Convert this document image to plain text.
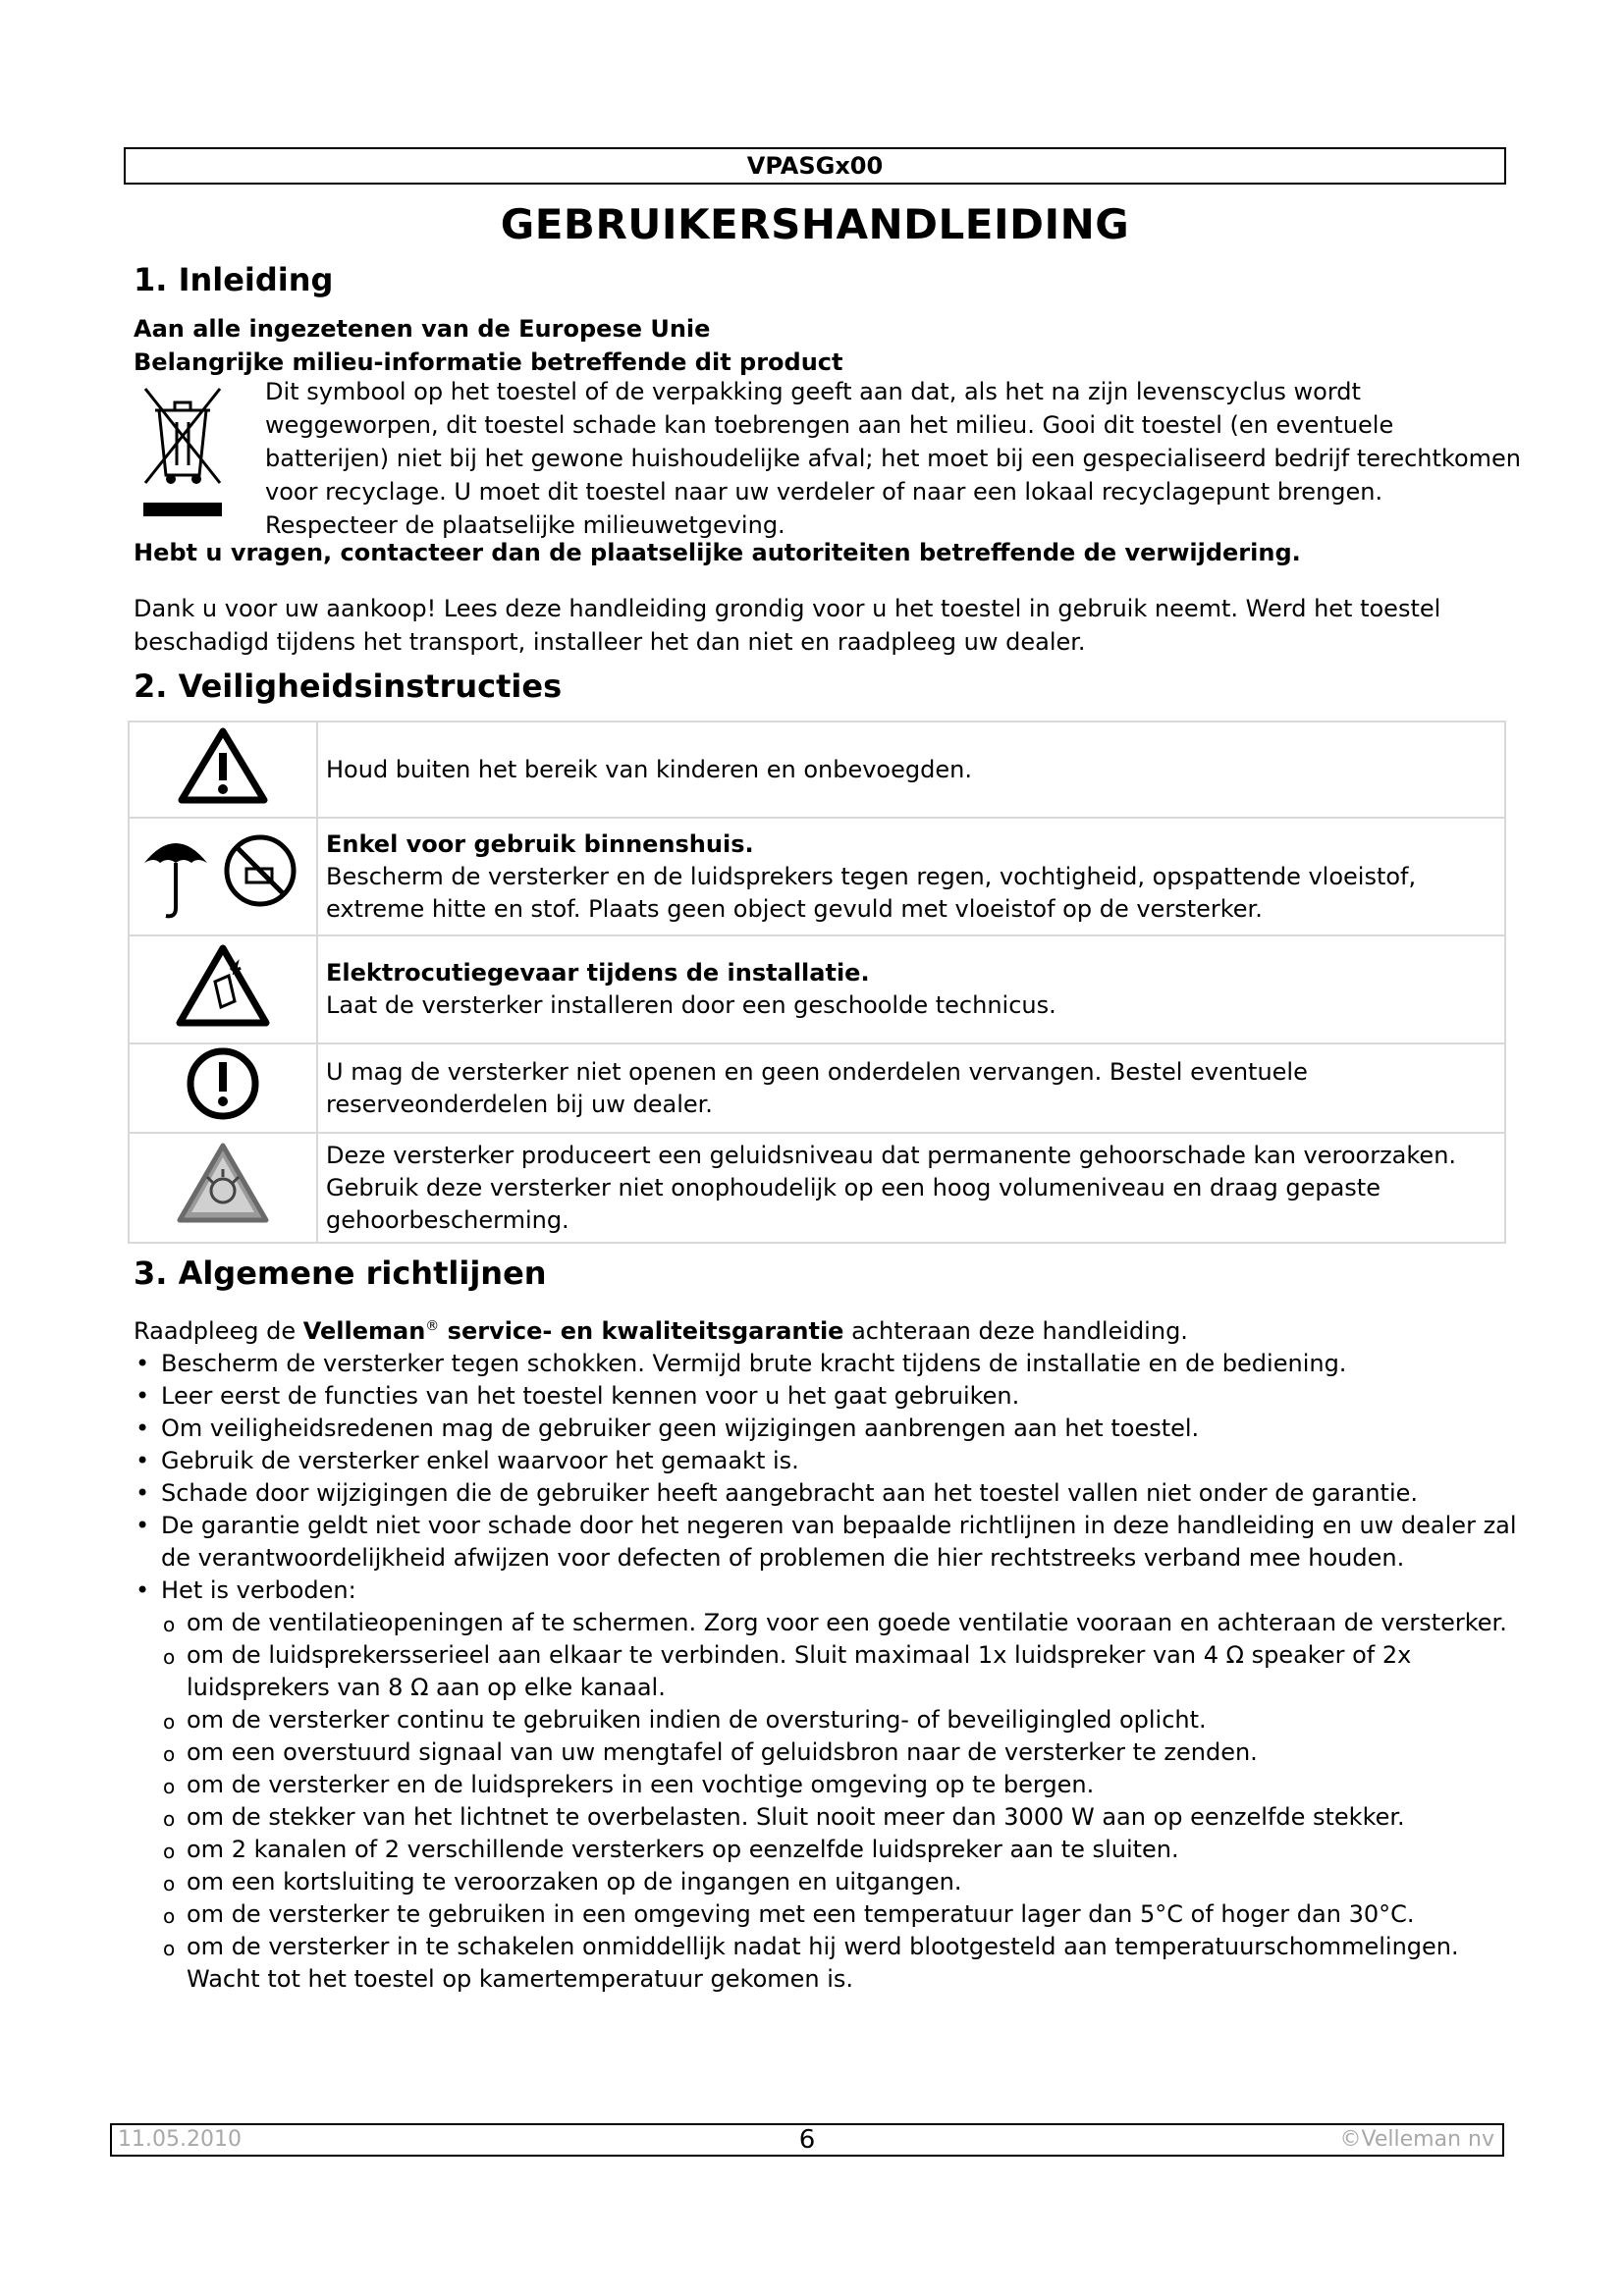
VPASGx00
GEBRUIKERSHANDLEIDING
1. Inleiding
Aan alle ingezetenen van de Europese Unie
Belangrijke milieu-informatie betreffende dit product
Dit symbool op het toestel of de verpakking geeft aan dat, als het na zijn levenscyclus wordt weggeworpen, dit toestel schade kan toebrengen aan het milieu. Gooi dit toestel (en eventuele batterijen) niet bij het gewone huishoudelijke afval; het moet bij een gespecialiseerd bedrijf terechtkomen voor recyclage. U moet dit toestel naar uw verdeler of naar een lokaal recyclagepunt brengen. Respecteer de plaatselijke milieuwetgeving.
Hebt u vragen, contacteer dan de plaatselijke autoriteiten betreffende de verwijdering.
Dank u voor uw aankoop! Lees deze handleiding grondig voor u het toestel in gebruik neemt. Werd het toestel beschadigd tijdens het transport, installeer het dan niet en raadpleeg uw dealer.
2. Veiligheidsinstructies
	Houd buiten het bereik van kinderen en onbevoegden.

Enkel voor gebruik binnenshuis.
Bescherm de versterker en de luidsprekers tegen regen, vochtigheid, opspattende vloeistof, extreme hitte en stof. Plaats geen object gevuld met vloeistof op de versterker.

Elektrocutiegevaar tijdens de installatie.
Laat de versterker installeren door een geschoolde technicus.

	U mag de versterker niet openen en geen onderdelen vervangen. Bestel eventuele reserveonderdelen bij uw dealer.
	Deze versterker produceert een geluidsniveau dat permanente gehoorschade kan veroorzaken. Gebruik deze versterker niet onophoudelijk op een hoog volumeniveau en draag gepaste gehoorbescherming.
3. Algemene richtlijnen
Raadpleeg de Velleman® service- en kwaliteitsgarantie achteraan deze handleiding.
• Bescherm de versterker tegen schokken. Vermijd brute kracht tijdens de installatie en de bediening.
• Leer eerst de functies van het toestel kennen voor u het gaat gebruiken.
• Om veiligheidsredenen mag de gebruiker geen wijzigingen aanbrengen aan het toestel.
• Gebruik de versterker enkel waarvoor het gemaakt is.
• Schade door wijzigingen die de gebruiker heeft aangebracht aan het toestel vallen niet onder de garantie.
• De garantie geldt niet voor schade door het negeren van bepaalde richtlijnen in deze handleiding en uw dealer zal de verantwoordelijkheid afwijzen voor defecten of problemen die hier rechtstreeks verband mee houden.
• Het is verboden:
o om de ventilatieopeningen af te schermen. Zorg voor een goede ventilatie vooraan en achteraan de versterker.
o om de luidsprekersserieel aan elkaar te verbinden. Sluit maximaal 1x luidspreker van 4 Ω speaker of 2x luidsprekers van 8 Ω aan op elke kanaal.
o om de versterker continu te gebruiken indien de oversturing- of beveiligingled oplicht.
o om een overstuurd signaal van uw mengtafel of geluidsbron naar de versterker te zenden.
o om de versterker en de luidsprekers in een vochtige omgeving op te bergen.
o om de stekker van het lichtnet te overbelasten. Sluit nooit meer dan 3000 W aan op eenzelfde stekker.
o om 2 kanalen of 2 verschillende versterkers op eenzelfde luidspreker aan te sluiten.
o om een kortsluiting te veroorzaken op de ingangen en uitgangen.
o om de versterker te gebruiken in een omgeving met een temperatuur lager dan 5°C of hoger dan 30°C.
o om de versterker in te schakelen onmiddellijk nadat hij werd blootgesteld aan temperatuurschommelingen. Wacht tot het toestel op kamertemperatuur gekomen is.
11.05.2010	6	©Velleman nv
